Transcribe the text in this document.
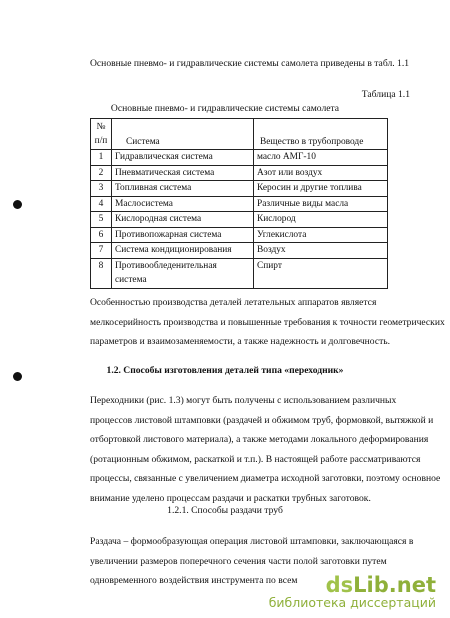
Основные пневмо- и гидравлические системы самолета приведены в табл. 1.1
Таблица 1.1
Основные пневмо- и гидравлические системы самолета
№
п/п	Система	Вещество в трубопроводе
1	Гидравлическая система	масло АМГ-10
2	Пневматическая система	Азот или воздух
3	Топливная система	Керосин и другие топлива
4	Маслосистема	Различные виды масла
5	Кислородная система	Кислород
6	Противопожарная система	Углекислота
7	Система кондиционирования	Воздух
8	Противообледенительная система	Спирт
Особенностью производства деталей летательных аппаратов является
мелкосерийность производства и повышенные требования к точности геометрических
параметров и взаимозаменяемости, а также надежность и долговечность.
1.2. Способы изготовления деталей типа «переходник»
Переходники (рис. 1.3) могут быть получены с использованием различных
процессов листовой штамповки (раздачей и обжимом труб, формовкой, вытяжкой и
отбортовкой листового материала), а также методами локального деформирования
(ротационным обжимом, раскаткой и т.п.). В настоящей работе рассматриваются
процессы, связанные с увеличением диаметра исходной заготовки, поэтому основное
внимание уделено процессам раздачи и раскатки трубных заготовок.
1.2.1. Способы раздачи труб
Раздача – формообразующая операция листовой штамповки, заключающаяся в
увеличении размеров поперечного сечения части полой заготовки путем
одновременного воздействия инструмента по всем	dsLib.net
библиотека диссертаций
